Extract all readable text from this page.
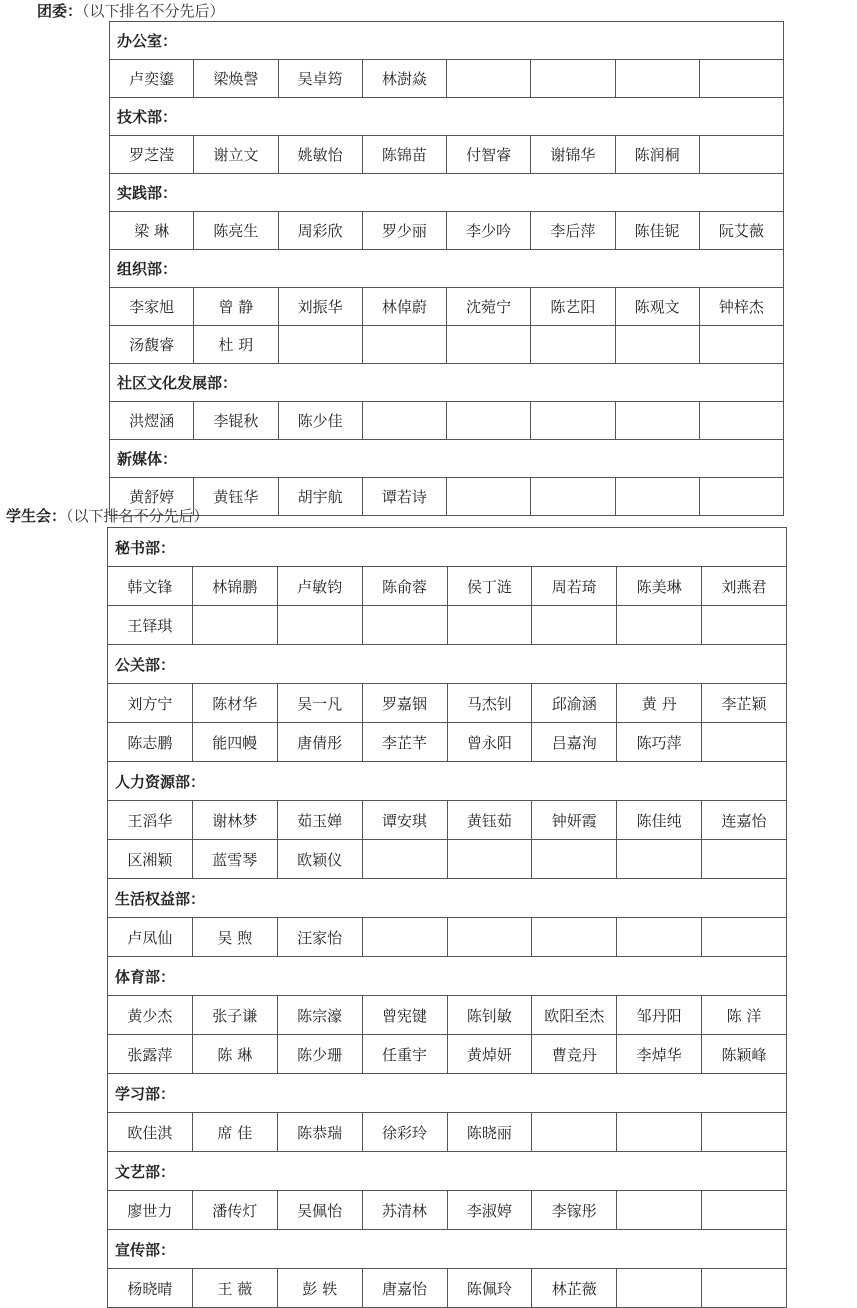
团委：（以下排名不分先后）
办公室：							
卢奕鎏	梁焕謦	吴卓筠	林澍焱				
技术部：							
罗芝滢	谢立文	姚敏怡	陈锦苗	付智睿	谢锦华	陈润桐	
实践部：							
梁 琳	陈亮生	周彩欣	罗少丽	李少吟	李后萍	陈佳铌	阮艾薇
组织部：							
李家旭	曾 静	刘振华	林倬蔚	沈菀宁	陈艺阳	陈观文	钟梓杰
汤馥睿	杜 玥						
社区文化发展部：							
洪熤涵	李锟秋	陈少佳					
新媒体：							
黄舒婷	黄钰华	胡宇航	谭若诗				
学生会：（以下排名不分先后）
秘书部：							
韩文锋	林锦鹏	卢敏钧	陈俞蓉	侯丁涟	周若琦	陈美琳	刘燕君
王铎琪							
公关部：							
刘方宁	陈材华	吴一凡	罗嘉铟	马杰钊	邱渝涵	黄 丹	李芷颖
陈志鹏	能四幔	唐倩彤	李芷芊	曾永阳	吕嘉洵	陈巧萍	
人力资源部：							
王滔华	谢林梦	茹玉婵	谭安琪	黄钰茹	钟妍霞	陈佳纯	连嘉怡
区湘颖	蓝雪琴	欧颖仪					
生活权益部：							
卢凤仙	吴 煦	汪家怡					
体育部：							
黄少杰	张子谦	陈宗濠	曾宪键	陈钊敏	欧阳至杰	邹丹阳	陈 洋
张露萍	陈 琳	陈少珊	任重宇	黄焯妍	曹竞丹	李焯华	陈颖峰
学习部：							
欧佳淇	席 佳	陈恭瑞	徐彩玲	陈晓丽			
文艺部：							
廖世力	潘传灯	吴佩怡	苏清林	李淑婷	李镓彤		
宣传部：							
杨晓晴	王 薇	彭 轶	唐嘉怡	陈佩玲	林芷薇		
